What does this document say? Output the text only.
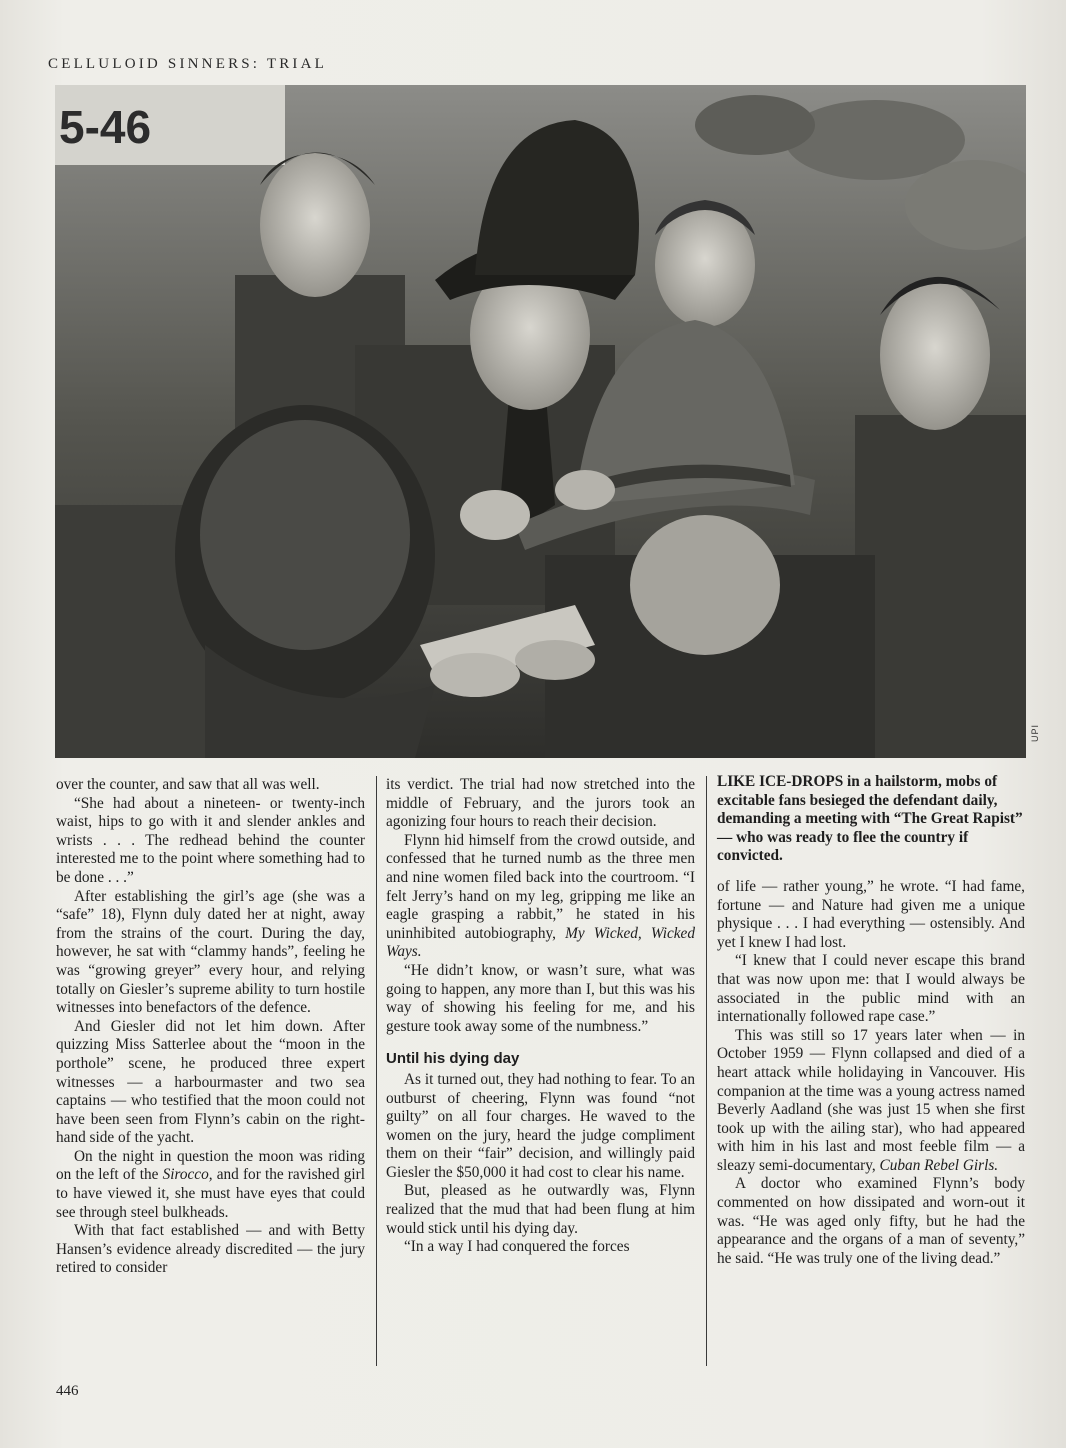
CELLULOID SINNERS: TRIAL
5-46
UPI

over the counter, and saw that all was well.

“She had about a nineteen- or twenty-inch waist, hips to go with it and slender ankles and wrists . . . The redhead behind the counter interested me to the point where something had to be done . . .”

After establishing the girl’s age (she was a “safe” 18), Flynn duly dated her at night, away from the strains of the court. During the day, however, he sat with “clammy hands”, feeling he was “growing greyer” every hour, and relying totally on Giesler’s supreme ability to turn hostile witnesses into benefactors of the defence.

And Giesler did not let him down. After quizzing Miss Satterlee about the “moon in the porthole” scene, he produced three expert witnesses — a harbourmaster and two sea captains — who testified that the moon could not have been seen from Flynn’s cabin on the right-hand side of the yacht.

On the night in question the moon was riding on the left of the Sirocco, and for the ravished girl to have viewed it, she must have eyes that could see through steel bulkheads.

With that fact established — and with Betty Hansen’s evidence already discredited — the jury retired to consider

its verdict. The trial had now stretched into the middle of February, and the jurors took an agonizing four hours to reach their decision.

Flynn hid himself from the crowd outside, and confessed that he turned numb as the three men and nine women filed back into the courtroom. “I felt Jerry’s hand on my leg, gripping me like an eagle grasping a rabbit,” he stated in his uninhibited autobiography, My Wicked, Wicked Ways.

“He didn’t know, or wasn’t sure, what was going to happen, any more than I, but this was his way of showing his feeling for me, and his gesture took away some of the numbness.”

Until his dying day

As it turned out, they had nothing to fear. To an outburst of cheering, Flynn was found “not guilty” on all four charges. He waved to the women on the jury, heard the judge compliment them on their “fair” decision, and willingly paid Giesler the $50,000 it had cost to clear his name.

But, pleased as he outwardly was, Flynn realized that the mud that had been flung at him would stick until his dying day.

“In a way I had conquered the forces

LIKE ICE-DROPS in a hailstorm, mobs of excitable fans besieged the defendant daily, demanding a meeting with “The Great Rapist” — who was ready to flee the country if convicted.

of life — rather young,” he wrote. “I had fame, fortune — and Nature had given me a unique physique . . . I had everything — ostensibly. And yet I knew I had lost.

“I knew that I could never escape this brand that was now upon me: that I would always be associated in the public mind with an internationally followed rape case.”

This was still so 17 years later when — in October 1959 — Flynn collapsed and died of a heart attack while holidaying in Vancouver. His companion at the time was a young actress named Beverly Aadland (she was just 15 when she first took up with the ailing star), who had appeared with him in his last and most feeble film — a sleazy semi-documentary, Cuban Rebel Girls.

A doctor who examined Flynn’s body commented on how dissipated and worn-out it was. “He was aged only fifty, but he had the appearance and the organs of a man of seventy,” he said. “He was truly one of the living dead.”

446
